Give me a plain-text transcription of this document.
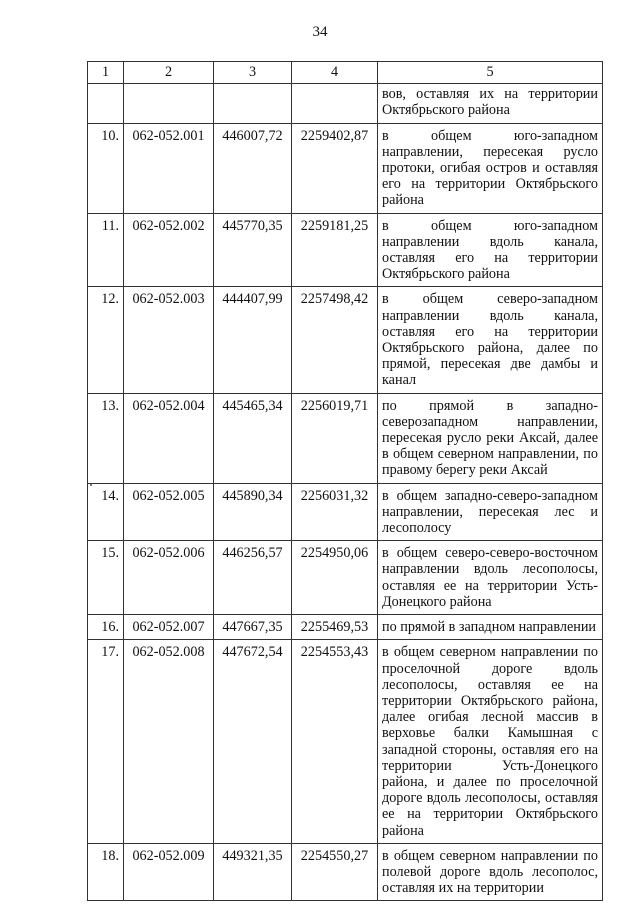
34
1	2	3	4	5
				вов, оставляя их на территории Октябрьского района
10.	062-052.001	446007,72	2259402,87	в общем юго-западном направлении, пересекая русло протоки, огибая остров и оставляя его на территории Октябрьского района
11.	062-052.002	445770,35	2259181,25	в общем юго-западном направлении вдоль канала, оставляя его на территории Октябрьского района
12.	062-052.003	444407,99	2257498,42	в общем северо-западном направлении вдоль канала, оставляя его на территории Октябрьского района, далее по прямой, пересекая две дамбы и канал
13.	062-052.004	445465,34	2256019,71	по прямой в западно-северозападном направлении, пересекая русло реки Аксай, далее в общем северном направлении, по правому берегу реки Аксай
14.	062-052.005	445890,34	2256031,32	в общем западно-северо-западном направлении, пересекая лес и лесополосу
15.	062-052.006	446256,57	2254950,06	в общем северо-северо-восточном направлении вдоль лесополосы, оставляя ее на территории Усть-Донецкого района
16.	062-052.007	447667,35	2255469,53	по прямой в западном направлении
17.	062-052.008	447672,54	2254553,43	в общем северном направлении по проселочной дороге вдоль лесополосы, оставляя ее на территории Октябрьского района, далее огибая лесной массив в верховье балки Камышная с западной стороны, оставляя его на территории Усть-Донецкого района, и далее по проселочной дороге вдоль лесополосы, оставляя ее на территории Октябрьского района
18.	062-052.009	449321,35	2254550,27	в общем северном направлении по полевой дороге вдоль лесополос, оставляя их на территории
